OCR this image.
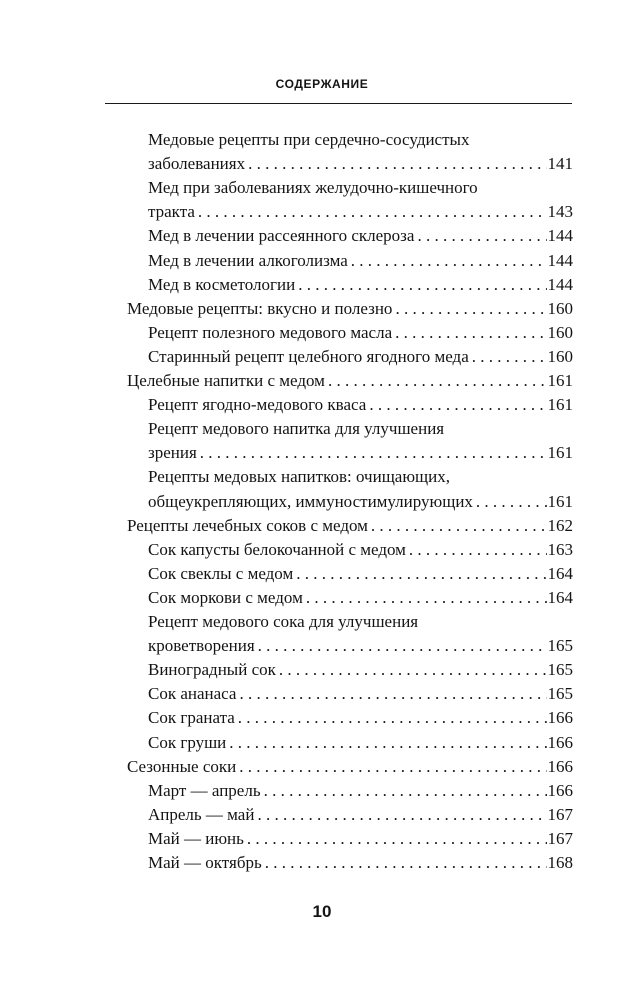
СОДЕРЖАНИЕ
Медовые рецепты при сердечно-сосудистых
заболеваниях . . .	141
Мед при заболеваниях желудочно-кишечного
тракта . . .	143
Мед в лечении рассеянного склероза . . .	144
Мед в лечении алкоголизма . . .	144
Мед в косметологии . . .	144
Медовые рецепты: вкусно и полезно . . .	160
Рецепт полезного медового масла . . .	160
Старинный рецепт целебного ягодного меда . . .	160
Целебные напитки с медом . . .	161
Рецепт ягодно-медового кваса . . .	161
Рецепт медового напитка для улучшения
зрения . . .	161
Рецепты медовых напитков: очищающих,
общеукрепляющих, иммуностимулирующих . . .	161
Рецепты лечебных соков с медом . . .	162
Сок капусты белокочанной с медом . . .	163
Сок свеклы с медом . . .	164
Сок моркови с медом . . .	164
Рецепт медового сока для улучшения
кроветворения . . .	165
Виноградный сок . . .	165
Сок ананаса . . .	165
Сок граната . . .	166
Сок груши . . .	166
Сезонные соки . . .	166
Март — апрель . . .	166
Апрель — май . . .	167
Май — июнь . . .	167
Май — октябрь . . .	168
10
